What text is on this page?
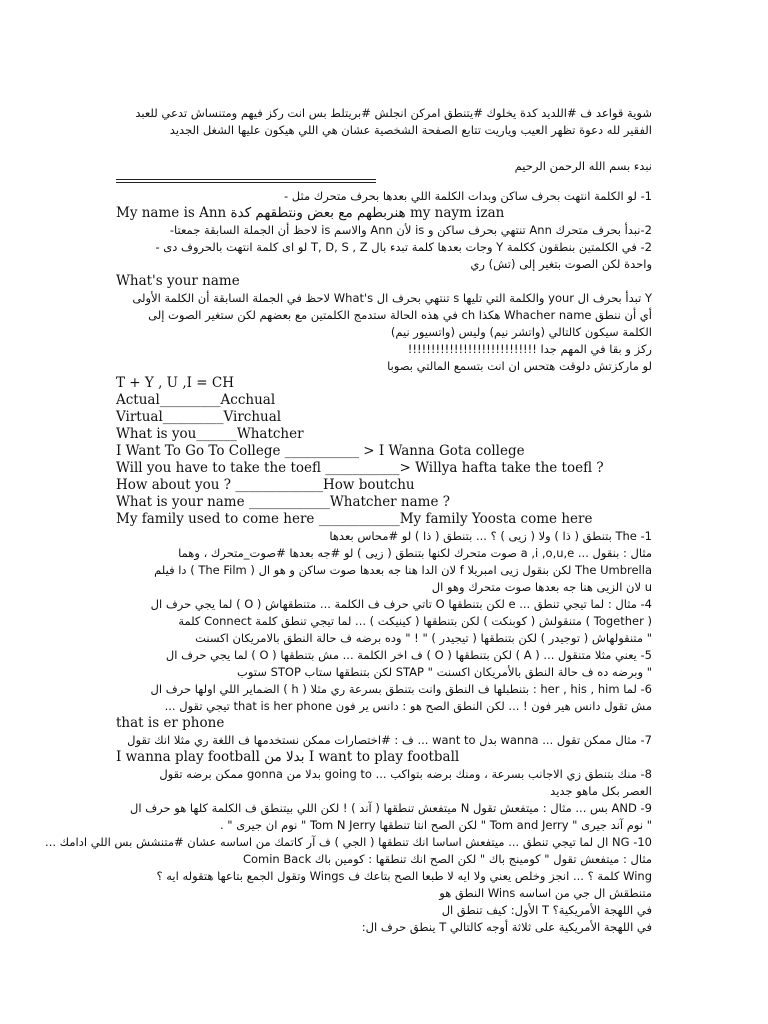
شوية قواعد ف #اللديد كدة يخلوك #يتنطق امركن انجلش #بريتلط بس انت ركز فيهم ومتنساش تدعي للعبد
الفقير لله دعوة تظهر العيب وياريت تتابع الصفحة الشخصية عشان هي اللي هيكون عليها الشغل الجديد
نبدء بسم الله الرحمن الرحيم
1- لو الكلمة انتهت بحرف ساكن وبدات الكلمة اللي بعدها بحرف متحرك مثل -
My name is Ann هنربطهم مع بعض ونتطقهم كدة my naym izan
2-نبدأ بحرف متحرك Ann تنتهي بحرف ساكن و is لأن Ann والاسم is لاحظ أن الجملة السابقة جمعتا-
2- في الكلمتين بنطقون ككلمة Y وجات بعدها كلمة تبدء بال T, D, S , Z لو اى كلمة انتهت بالحروف دى -
واحدة لكن الصوت بتغير إلى (تش) ري
What's your name
Y تبدأ بحرف ال your والكلمة التي تليها s تنتهي بحرف ال What's لاحظ في الجملة السابقة أن الكلمة الأولى
أي أن ننطق Whacher name هكذا ch في هذه الحالة ستدمج الكلمتين مع بعضهم لكن ستغير الصوت إلى
الكلمة سيكون كالتالي (واتشر نيم) وليس (واتسيور نيم)
ركز و بقا في المهم جدا !!!!!!!!!!!!!!!!!!!!!!!!!!!!
لو ماركزتش دلوقت هتحس ان انت بتسمع المالتي بصوبا
T + Y , U ,I = CH
Actual_________Acchual
Virtual_________Virchual
What is you______Whatcher
I Want To Go To College ___________ > I Wanna Gota college
Will you have to take the toefl ___________> Willya hafta take the toefl ?
How about you ? _____________How boutchu
What is your name ____________Whatcher name ?
My family used to come here ____________My family Yoosta come here
1- The بتنطق ( ذا ) ولا ( زيى ) ؟ ... بتنطق ( ذا ) لو #محاس بعدها
مثال : بنقول ... a ,i ,o,u,e صوت متحرك لكنها بتنطق ( زيى ) لو #جه بعدها #صوت_متحرك ، وهما
The Umbrella لكن بنقول زيى امبريلا f لان الدا هنا جه بعدها صوت ساكن و هو ال ( The Film ) دا فيلم
u لان الزيى هنا جه بعدها صوت متحرك وهو ال
4- مثال : لما تيجي تنطق ... e لكن بتنطقها O تاتي حرف ف الكلمة ... متنطقهاش ( O ) لما يجي حرف ال
( Together ) متنقولش ( كوبنكت ) لكن بتنطقها ( كينيكت ) ... لما تيجي تنطق كلمة Connect كلمة
" متنقولهاش ( توجيدر ) لكن بتنطقها ( تيجيدر ) " ! " وده برضه ف حالة النطق بالامريكان اكسنت
5- يعني مثلا متنقول ... ( A ) لكن بتنطقها ( O ) ف اخر الكلمة ... مش بتنطقها ( O ) لما يجي حرف ال
" وبرضه ده ف حالة النطق بالأمريكان اكسنت " STAP لكن بتنطقها ستاب STOP ستوب
6- لما her , his , him : بتنطبلها ف النطق وانت بتنطق بسرعة ري مثلا ( h ) الضماير اللي اولها حرف ال
مش تقول دانس هير فون ! ... لكن النطق الصح هو : دانس ير فون that is her phone تيجي تقول ...
that is er phone
7- مثال ممكن تقول ... wanna بدل want to ... ف : #اختصارات ممكن نستخدمها ف اللغة ري مثلا انك تقول
I wanna play football بدلا من I want to play football
8- منك بتنطق زي الاجانب بسرعة ، ومنك برضه بتواكب ... going to بدلا من gonna ممكن برضه تقول
العصر بكل ماهو جديد
9- AND بس ... مثال : ميتفعش تقول N ميتفعش تنطقها ( آند ) ! لكن اللي بيتنطق ف الكلمة كلها هو حرف ال
" نوم آند جيرى " Tom and Jerry " لكن الصح انتا تنطقها Tom N Jerry " نوم ان جيرى " .
10- NG ال لما تيجي تنطق ... ميتفعش اساسا انك تنطقها ( الجي ) ف آر كاتمك من اساسه عشان #متنشش بس اللي ادامك ...
مثال : ميتفعش تقول " كومينج باك " لكن الصح انك تنطقها : كومين باك Comin Back
Wing كلمة ؟ ... انجز وخلص يعني ولا ايه لا طبعا الصح بتاعك ف Wings وتقول الجمع بتاعها هتقوله ايه ؟
متنطقش ال جي من اساسه Wins النطق هو
في اللهجة الأمريكية؟ T الأول: كيف تنطق ال
في اللهجة الأمريكية على ثلاثة أوجه كالتالي T ينطق حرف ال:
